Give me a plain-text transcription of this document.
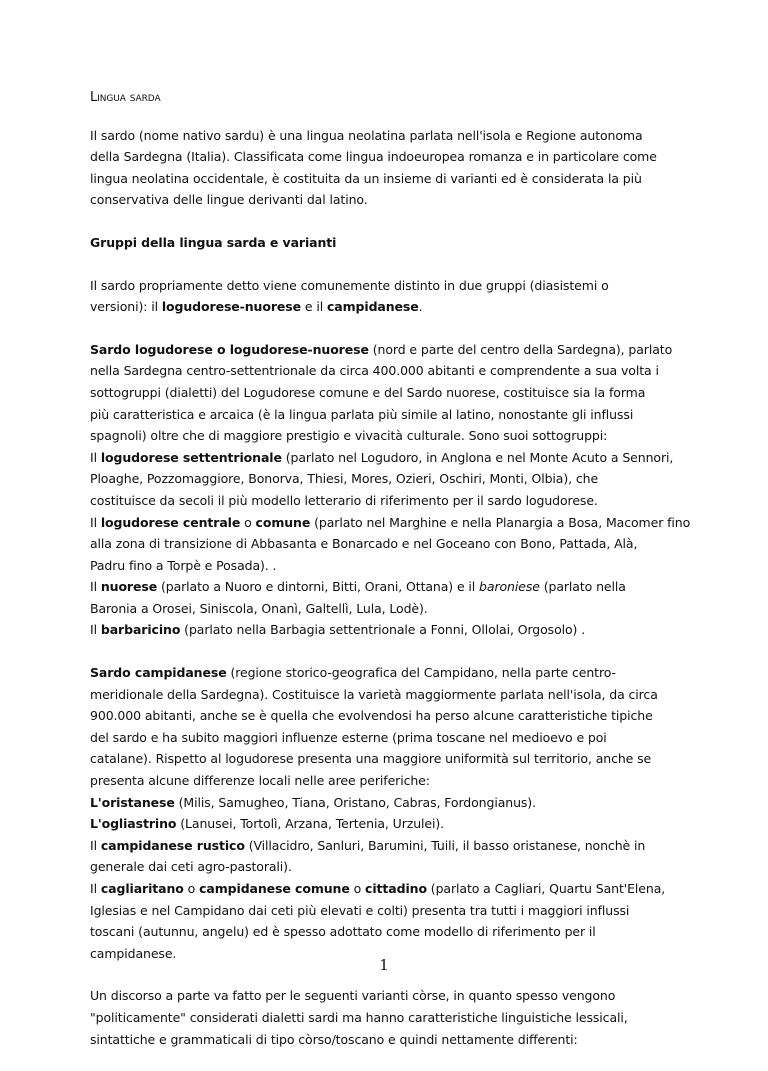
Lingua sarda

Il sardo (nome nativo sardu) è una lingua neolatina parlata nell'isola e Regione autonoma
della Sardegna (Italia). Classificata come lingua indoeuropea romanza e in particolare come
lingua neolatina occidentale, è costituita da un insieme di varianti ed è considerata la più
conservativa delle lingue derivanti dal latino.

Gruppi della lingua sarda e varianti

Il sardo propriamente detto viene comunemente distinto in due gruppi (diasistemi o
versioni): il logudorese-nuorese e il campidanese.

Sardo logudorese o logudorese-nuorese (nord e parte del centro della Sardegna), parlato
nella Sardegna centro-settentrionale da circa 400.000 abitanti e comprendente a sua volta i
sottogruppi (dialetti) del Logudorese comune e del Sardo nuorese, costituisce sia la forma
più caratteristica e arcaica (è la lingua parlata più simile al latino, nonostante gli influssi
spagnoli) oltre che di maggiore prestigio e vivacità culturale. Sono suoi sottogruppi:
Il logudorese settentrionale (parlato nel Logudoro, in Anglona e nel Monte Acuto a Sennori,
Ploaghe, Pozzomaggiore, Bonorva, Thiesi, Mores, Ozieri, Oschiri, Monti, Olbia), che
costituisce da secoli il più modello letterario di riferimento per il sardo logudorese.
Il logudorese centrale o comune (parlato nel Marghine e nella Planargia a Bosa, Macomer fino
alla zona di transizione di Abbasanta e Bonarcado e nel Goceano con Bono, Pattada, Alà,
Padru fino a Torpè e Posada). .
Il nuorese (parlato a Nuoro e dintorni, Bitti, Orani, Ottana) e il baroniese (parlato nella
Baronia a Orosei, Siniscola, Onanì, Galtellì, Lula, Lodè).
Il barbaricino (parlato nella Barbagia settentrionale a Fonni, Ollolai, Orgosolo) .

Sardo campidanese (regione storico-geografica del Campidano, nella parte centro-
meridionale della Sardegna). Costituisce la varietà maggiormente parlata nell'isola, da circa
900.000 abitanti, anche se è quella che evolvendosi ha perso alcune caratteristiche tipiche
del sardo e ha subito maggiori influenze esterne (prima toscane nel medioevo e poi
catalane). Rispetto al logudorese presenta una maggiore uniformità sul territorio, anche se
presenta alcune differenze locali nelle aree periferiche:
L'oristanese (Milis, Samugheo, Tiana, Oristano, Cabras, Fordongianus).
L'ogliastrino (Lanusei, Tortolì, Arzana, Tertenia, Urzulei).
Il campidanese rustico (Villacidro, Sanluri, Barumini, Tuili, il basso oristanese, nonchè in
generale dai ceti agro-pastorali).
Il cagliaritano o campidanese comune o cittadino (parlato a Cagliari, Quartu Sant'Elena,
Iglesias e nel Campidano dai ceti più elevati e colti) presenta tra tutti i maggiori influssi
toscani (autunnu, angelu) ed è spesso adottato come modello di riferimento per il
campidanese.

Un discorso a parte va fatto per le seguenti varianti còrse, in quanto spesso vengono
"politicamente" considerati dialetti sardi ma hanno caratteristiche linguistiche lessicali,
sintattiche e grammaticali di tipo còrso/toscano e quindi nettamente differenti:

1
